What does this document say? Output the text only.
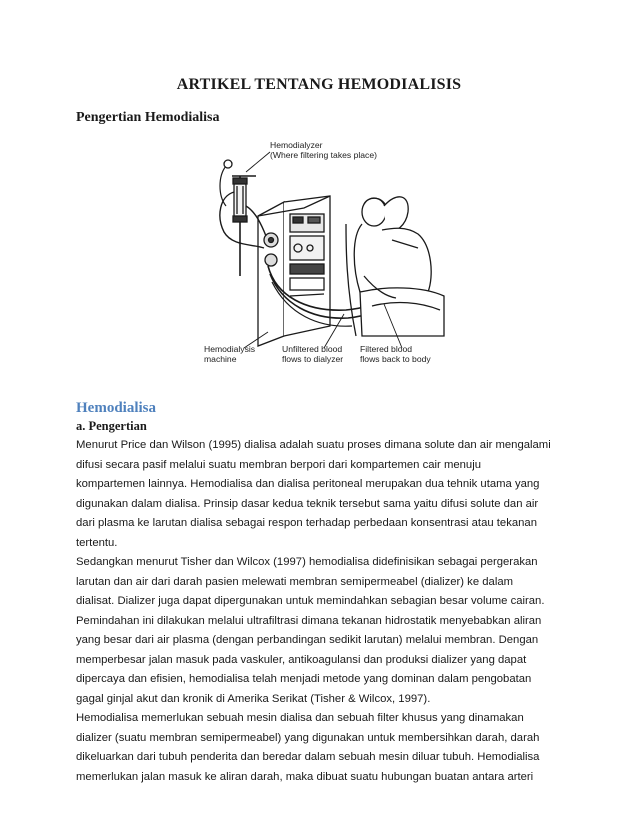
ARTIKEL TENTANG HEMODIALISIS
Pengertian Hemodialisa
Hemodialyzer
(Where filtering takes place)
Hemodialysis
machine
Unfiltered blood
flows to dialyzer
Filtered blood
flows back to body
Hemodialisa
a. Pengertian
Menurut Price dan Wilson (1995) dialisa adalah suatu proses dimana solute dan air mengalami
difusi secara pasif melalui suatu membran berpori dari kompartemen cair menuju
kompartemen lainnya. Hemodialisa dan dialisa peritoneal merupakan dua tehnik utama yang
digunakan dalam dialisa. Prinsip dasar kedua teknik tersebut sama yaitu difusi solute dan air
dari plasma ke larutan dialisa sebagai respon terhadap perbedaan konsentrasi atau tekanan
tertentu.
Sedangkan menurut Tisher dan Wilcox (1997) hemodialisa didefinisikan sebagai pergerakan
larutan dan air dari darah pasien melewati membran semipermeabel (dializer) ke dalam
dialisat. Dializer juga dapat dipergunakan untuk memindahkan sebagian besar volume cairan.
Pemindahan ini dilakukan melalui ultrafiltrasi dimana tekanan hidrostatik menyebabkan aliran
yang besar dari air plasma (dengan perbandingan sedikit larutan) melalui membran. Dengan
memperbesar jalan masuk pada vaskuler, antikoagulansi dan produksi dializer yang dapat
dipercaya dan efisien, hemodialisa telah menjadi metode yang dominan dalam pengobatan
gagal ginjal akut dan kronik di Amerika Serikat (Tisher & Wilcox, 1997).
Hemodialisa memerlukan sebuah mesin dialisa dan sebuah filter khusus yang dinamakan
dializer (suatu membran semipermeabel) yang digunakan untuk membersihkan darah, darah
dikeluarkan dari tubuh penderita dan beredar dalam sebuah mesin diluar tubuh. Hemodialisa
memerlukan jalan masuk ke aliran darah, maka dibuat suatu hubungan buatan antara arteri
